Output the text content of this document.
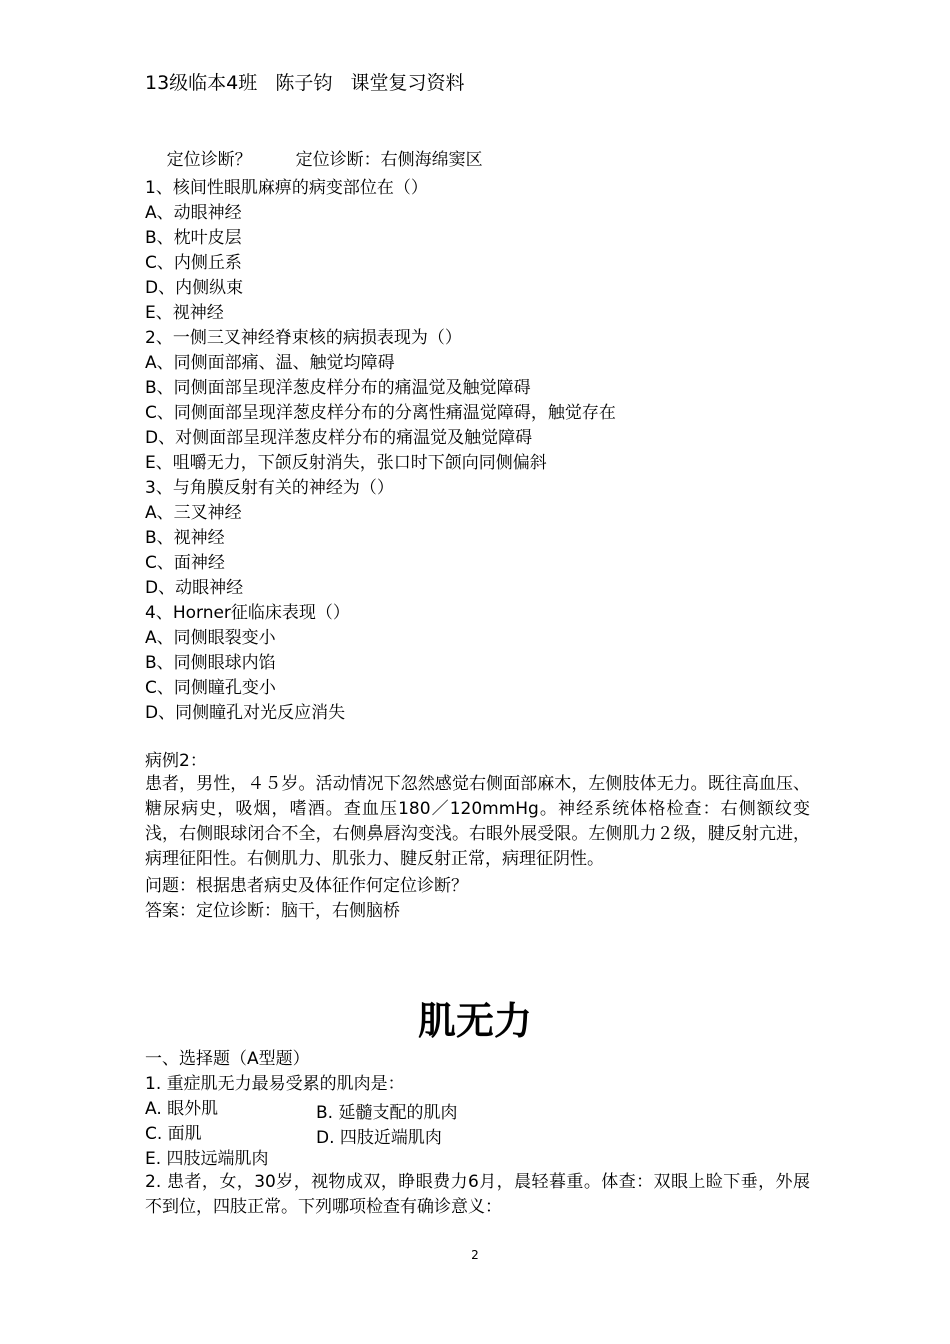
13级临本4班   陈子钧   课堂复习资料

定位诊断？	定位诊断：右侧海绵窦区

1、核间性眼肌麻痹的病变部位在（）
A、动眼神经
B、枕叶皮层
C、内侧丘系
D、内侧纵束
E、视神经
2、一侧三叉神经脊束核的病损表现为（）
A、同侧面部痛、温、触觉均障碍
B、同侧面部呈现洋葱皮样分布的痛温觉及触觉障碍
C、同侧面部呈现洋葱皮样分布的分离性痛温觉障碍，触觉存在
D、对侧面部呈现洋葱皮样分布的痛温觉及触觉障碍
E、咀嚼无力，下颌反射消失，张口时下颌向同侧偏斜
3、与角膜反射有关的神经为（）
A、三叉神经
B、视神经
C、面神经
D、动眼神经
4、Horner征临床表现（）
A、同侧眼裂变小
B、同侧眼球内馅
C、同侧瞳孔变小
D、同侧瞳孔对光反应消失
病例2：
患者，男性，４５岁。活动情况下忽然感觉右侧面部麻木，左侧肢体无力。既往高血压、糖尿病史，吸烟，嗜酒。查血压180／120mmHg。神经系统体格检查：右侧额纹变浅，右侧眼球闭合不全，右侧鼻唇沟变浅。右眼外展受限。左侧肌力２级，腱反射亢进，病理征阳性。右侧肌力、肌张力、腱反射正常，病理征阴性。
问题：根据患者病史及体征作何定位诊断？
答案：定位诊断：脑干，右侧脑桥
肌无力
一、选择题（A型题）
1. 重症肌无力最易受累的肌肉是：
A. 眼外肌	B. 延髓支配的肌肉
C. 面肌	D. 四肢近端肌肉
E. 四肢远端肌肉
2. 患者，女，30岁，视物成双，睁眼费力6月，晨轻暮重。体查：双眼上睑下垂，外展不到位，四肢正常。下列哪项检查有确诊意义：
2
